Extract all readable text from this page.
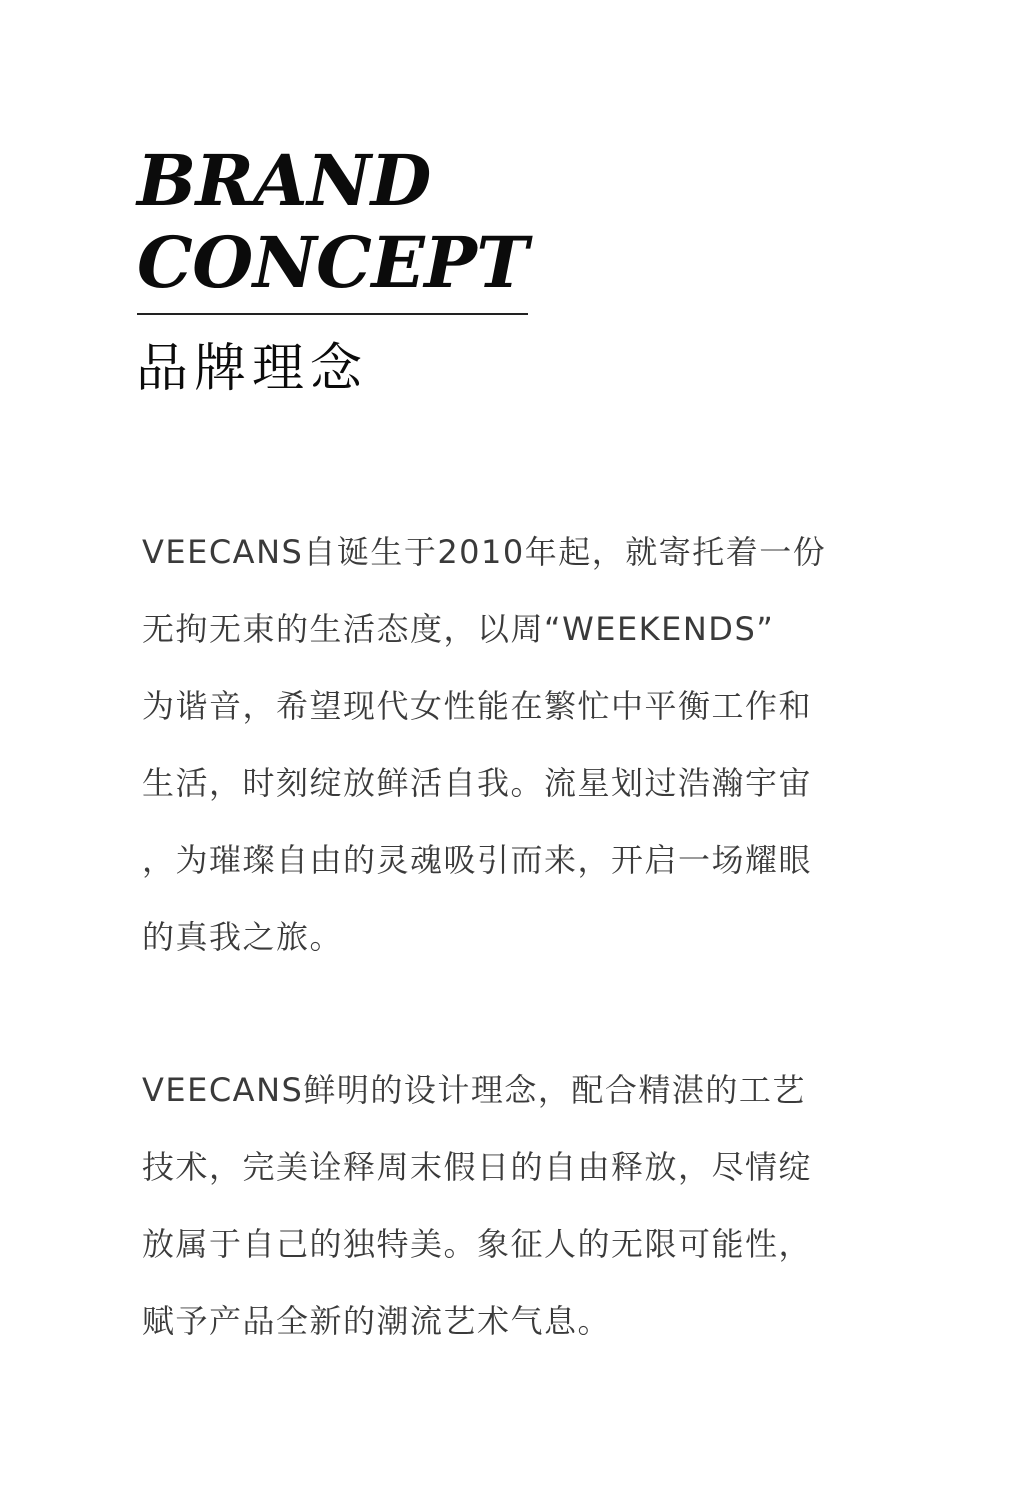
BRAND
CONCEPT
品牌理念
VEECANS自诞生于2010年起，就寄托着一份
无拘无束的生活态度，以周“WEEKENDS”
为谐音，希望现代女性能在繁忙中平衡工作和
生活，时刻绽放鲜活自我。流星划过浩瀚宇宙
，为璀璨自由的灵魂吸引而来，开启一场耀眼
的真我之旅。
VEECANS鲜明的设计理念，配合精湛的工艺
技术，完美诠释周末假日的自由释放，尽情绽
放属于自己的独特美。象征人的无限可能性，
赋予产品全新的潮流艺术气息。
